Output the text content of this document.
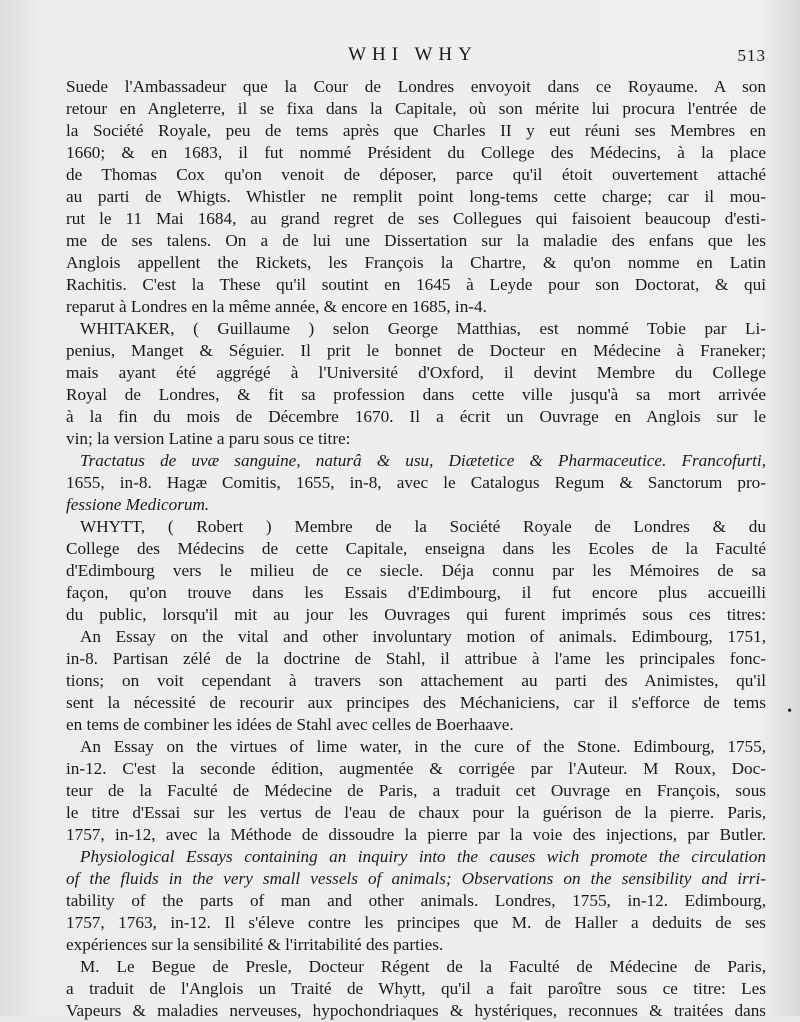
WHI WHY	513

Suede l'Ambassadeur que la Cour de Londres envoyoit dans ce Royaume. A son
retour en Angleterre, il se fixa dans la Capitale, où son mérite lui procura l'entrée de
la Société Royale, peu de tems après que Charles II y eut réuni ses Membres en
1660; & en 1683, il fut nommé Président du College des Médecins, à la place
de Thomas Cox qu'on venoit de déposer, parce qu'il étoit ouvertement attaché
au parti de Whigts. Whistler ne remplit point long-tems cette charge; car il mou-
rut le 11 Mai 1684, au grand regret de ses Collegues qui faisoient beaucoup d'esti-
me de ses talens. On a de lui une Dissertation sur la maladie des enfans que les
Anglois appellent the Rickets, les François la Chartre, & qu'on nomme en Latin
Rachitis. C'est la These qu'il soutint en 1645 à Leyde pour son Doctorat, & qui
reparut à Londres en la même année, & encore en 1685, in-4.

WHITAKER, ( Guillaume ) selon George Matthias, est nommé Tobie par Li-
penius, Manget & Séguier. Il prit le bonnet de Docteur en Médecine à Franeker;
mais ayant été aggrégé à l'Université d'Oxford, il devint Membre du College
Royal de Londres, & fit sa profession dans cette ville jusqu'à sa mort arrivée
à la fin du mois de Décembre 1670. Il a écrit un Ouvrage en Anglois sur le
vin; la version Latine a paru sous ce titre:
Tractatus de uvæ sanguine, naturâ & usu, Diætetice & Pharmaceutice. Francofurti,
1655, in-8. Hagæ Comitis, 1655, in-8, avec le Catalogus Regum & Sanctorum pro-
fessione Medicorum.

WHYTT, ( Robert ) Membre de la Société Royale de Londres & du
College des Médecins de cette Capitale, enseigna dans les Ecoles de la Faculté
d'Edimbourg vers le milieu de ce siecle. Déja connu par les Mémoires de sa
façon, qu'on trouve dans les Essais d'Edimbourg, il fut encore plus accueilli
du public, lorsqu'il mit au jour les Ouvrages qui furent imprimés sous ces titres:
An Essay on the vital and other involuntary motion of animals. Edimbourg, 1751,
in-8. Partisan zélé de la doctrine de Stahl, il attribue à l'ame les principales fonc-
tions; on voit cependant à travers son attachement au parti des Animistes, qu'il
sent la nécessité de recourir aux principes des Méchaniciens, car il s'efforce de tems
en tems de combiner les idées de Stahl avec celles de Boerhaave.
An Essay on the virtues of lime water, in the cure of the Stone. Edimbourg, 1755,
in-12. C'est la seconde édition, augmentée & corrigée par l'Auteur. M Roux, Doc-
teur de la Faculté de Médecine de Paris, a traduit cet Ouvrage en François, sous
le titre d'Essai sur les vertus de l'eau de chaux pour la guérison de la pierre. Paris,
1757, in-12, avec la Méthode de dissoudre la pierre par la voie des injections, par Butler.
Physiological Essays containing an inquiry into the causes wich promote the circulation
of the fluids in the very small vessels of animals; Observations on the sensibility and irri-
tability of the parts of man and other animals. Londres, 1755, in-12. Edimbourg,
1757, 1763, in-12. Il s'éleve contre les principes que M. de Haller a deduits de ses
expériences sur la sensibilité & l'irritabilité des parties.
M. Le Begue de Presle, Docteur Régent de la Faculté de Médecine de Paris,
a traduit de l'Anglois un Traité de Whytt, qu'il a fait paroître sous ce titre: Les
Vapeurs & maladies nerveuses, hypochondriaques & hystériques, reconnues & traitées dans

•
